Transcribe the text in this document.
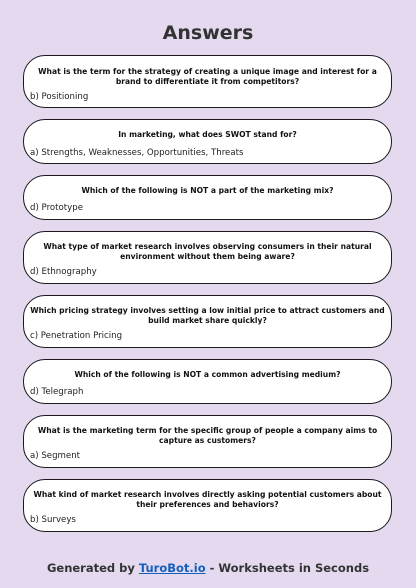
Answers
What is the term for the strategy of creating a unique image and interest for a brand to differentiate it from competitors?
b) Positioning
In marketing, what does SWOT stand for?
a) Strengths, Weaknesses, Opportunities, Threats
Which of the following is NOT a part of the marketing mix?
d) Prototype
What type of market research involves observing consumers in their natural environment without them being aware?
d) Ethnography
Which pricing strategy involves setting a low initial price to attract customers and build market share quickly?
c) Penetration Pricing
Which of the following is NOT a common advertising medium?
d) Telegraph
What is the marketing term for the specific group of people a company aims to capture as customers?
a) Segment
What kind of market research involves directly asking potential customers about their preferences and behaviors?
b) Surveys
Generated by TuroBot.io - Worksheets in Seconds
